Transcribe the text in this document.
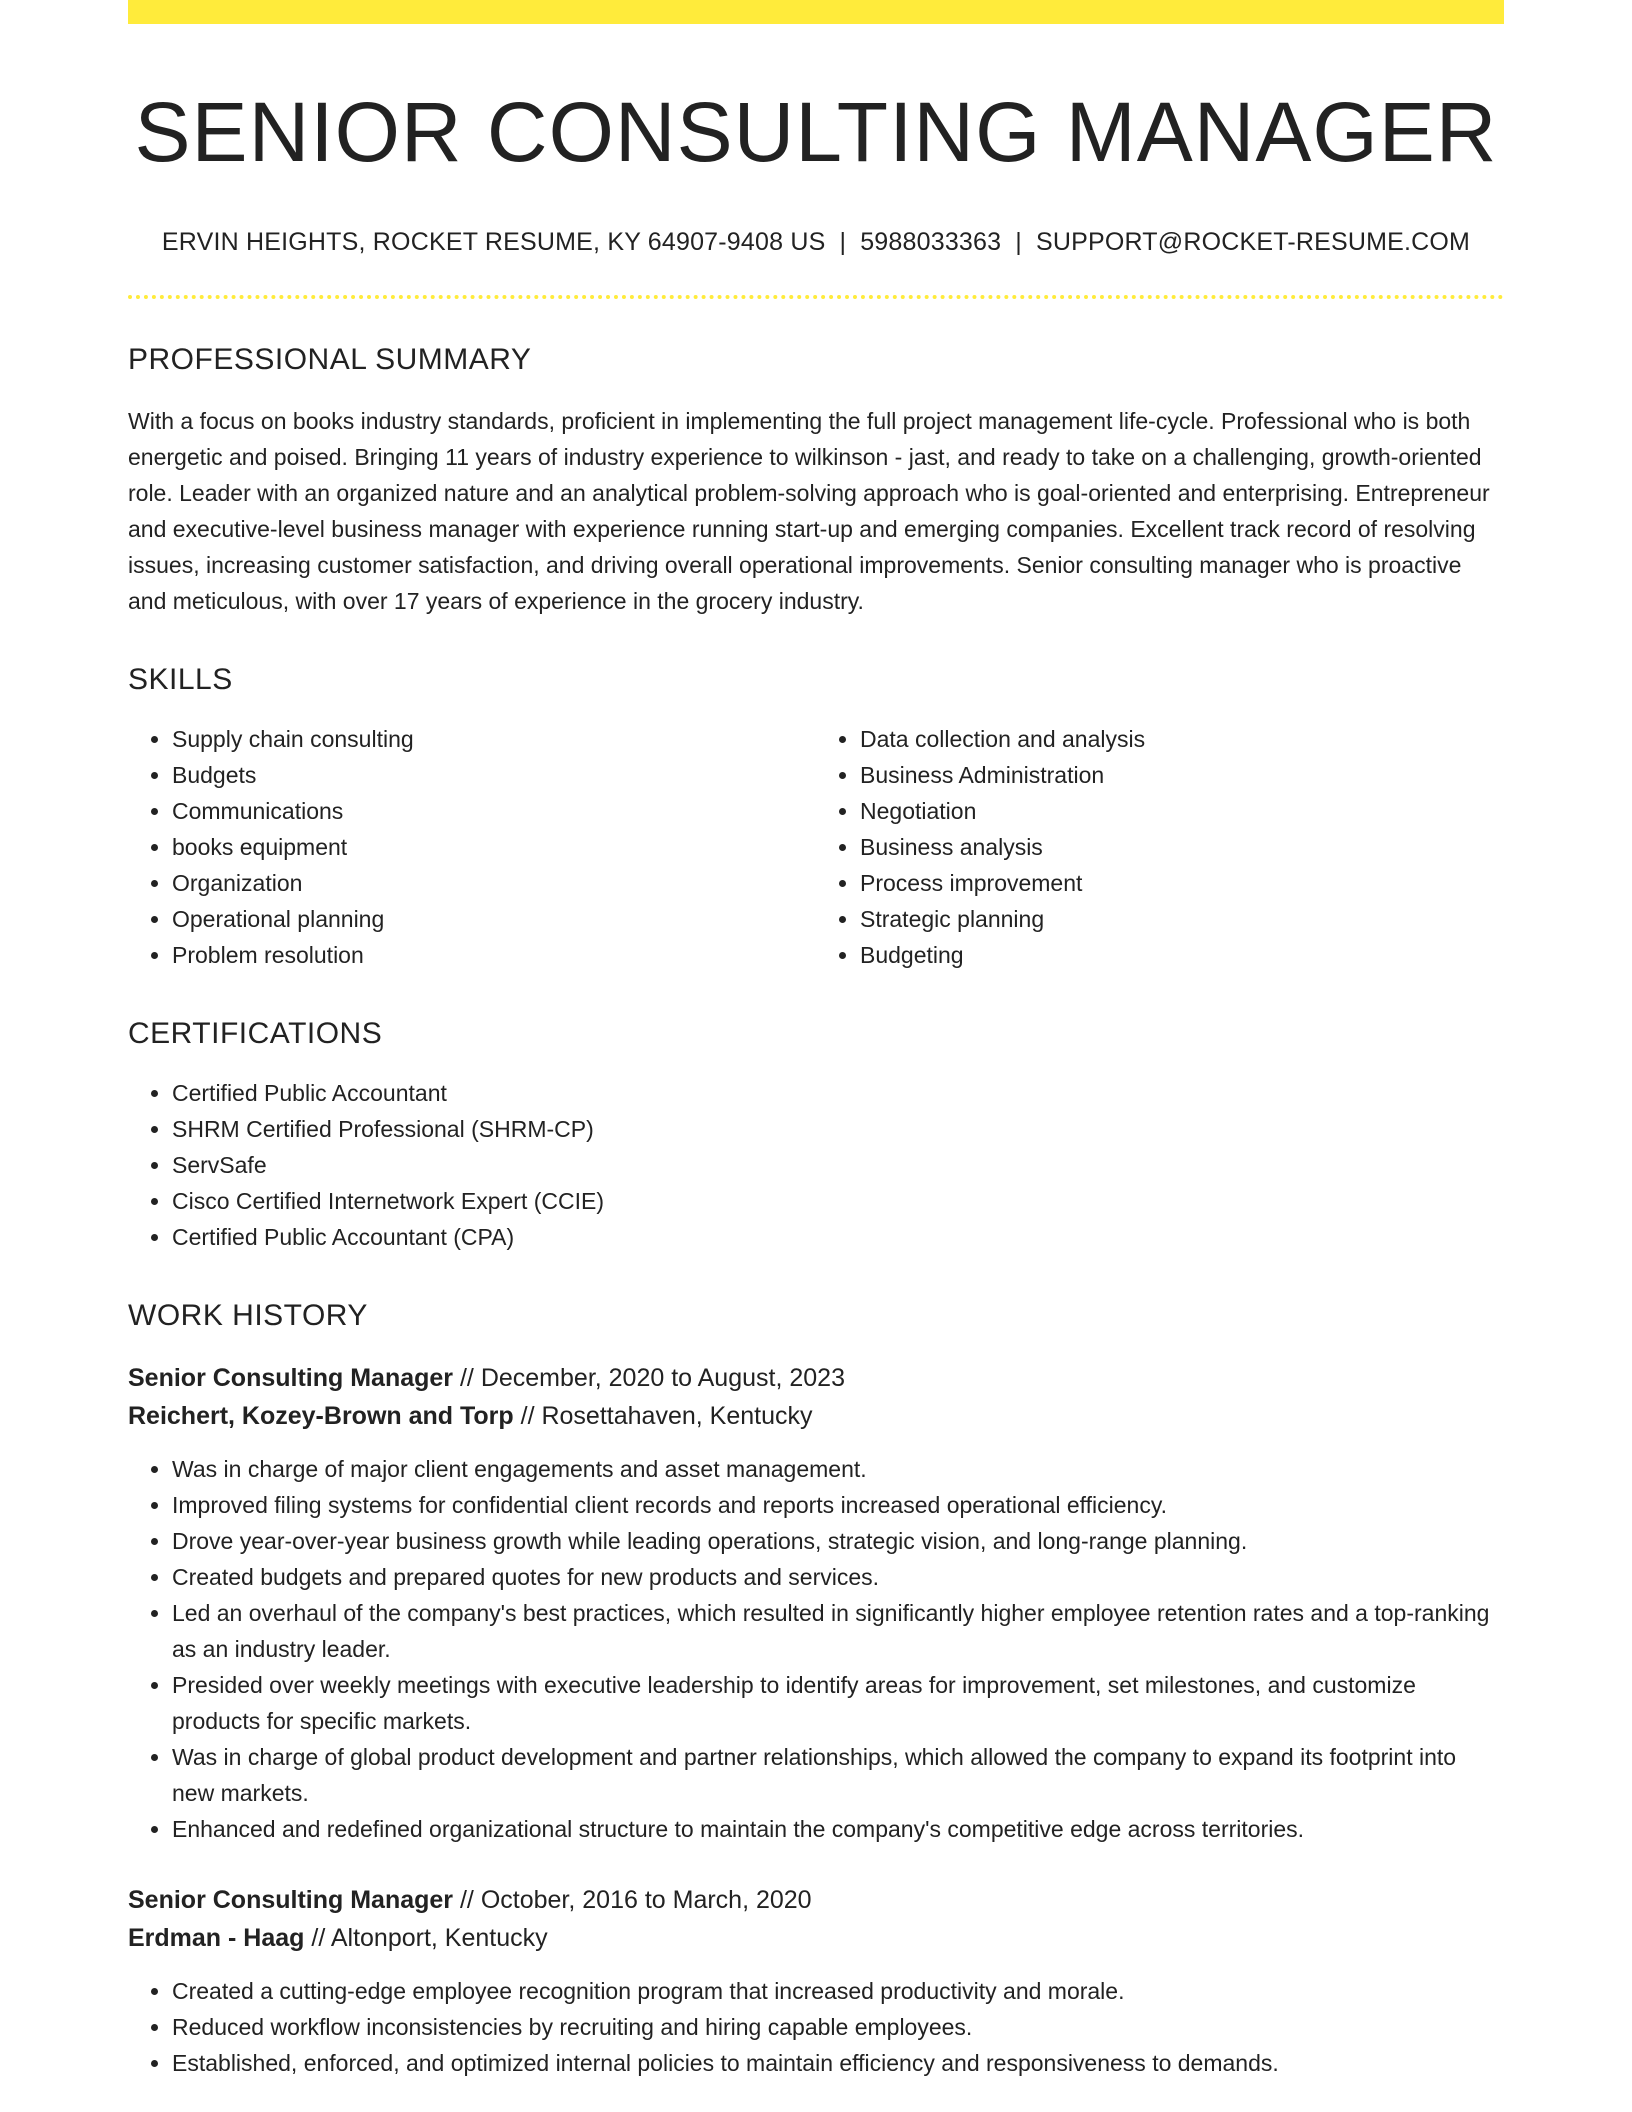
SENIOR CONSULTING MANAGER
ERVIN HEIGHTS, ROCKET RESUME, KY 64907-9408 US | 5988033363 | SUPPORT@ROCKET-RESUME.COM
PROFESSIONAL SUMMARY

With a focus on books industry standards, proficient in implementing the full project management life-cycle. Professional who is both energetic and poised. Bringing 11 years of industry experience to wilkinson - jast, and ready to take on a challenging, growth-oriented role. Leader with an organized nature and an analytical problem-solving approach who is goal-oriented and enterprising. Entrepreneur and executive-level business manager with experience running start-up and emerging companies. Excellent track record of resolving issues, increasing customer satisfaction, and driving overall operational improvements. Senior consulting manager who is proactive and meticulous, with over 17 years of experience in the grocery industry.

SKILLS
• Supply chain consulting
• Budgets
• Communications
• books equipment
• Organization
• Operational planning
• Problem resolution
• Data collection and analysis
• Business Administration
• Negotiation
• Business analysis
• Process improvement
• Strategic planning
• Budgeting
CERTIFICATIONS
• Certified Public Accountant
• SHRM Certified Professional (SHRM-CP)
• ServSafe
• Cisco Certified Internetwork Expert (CCIE)
• Certified Public Accountant (CPA)
WORK HISTORY
Senior Consulting Manager // December, 2020 to August, 2023
Reichert, Kozey-Brown and Torp // Rosettahaven, Kentucky
• Was in charge of major client engagements and asset management.
• Improved filing systems for confidential client records and reports increased operational efficiency.
• Drove year-over-year business growth while leading operations, strategic vision, and long-range planning.
• Created budgets and prepared quotes for new products and services.
• Led an overhaul of the company's best practices, which resulted in significantly higher employee retention rates and a top-ranking as an industry leader.
• Presided over weekly meetings with executive leadership to identify areas for improvement, set milestones, and customize products for specific markets.
• Was in charge of global product development and partner relationships, which allowed the company to expand its footprint into new markets.
• Enhanced and redefined organizational structure to maintain the company's competitive edge across territories.
Senior Consulting Manager // October, 2016 to March, 2020
Erdman - Haag // Altonport, Kentucky
• Created a cutting-edge employee recognition program that increased productivity and morale.
• Reduced workflow inconsistencies by recruiting and hiring capable employees.
• Established, enforced, and optimized internal policies to maintain efficiency and responsiveness to demands.
